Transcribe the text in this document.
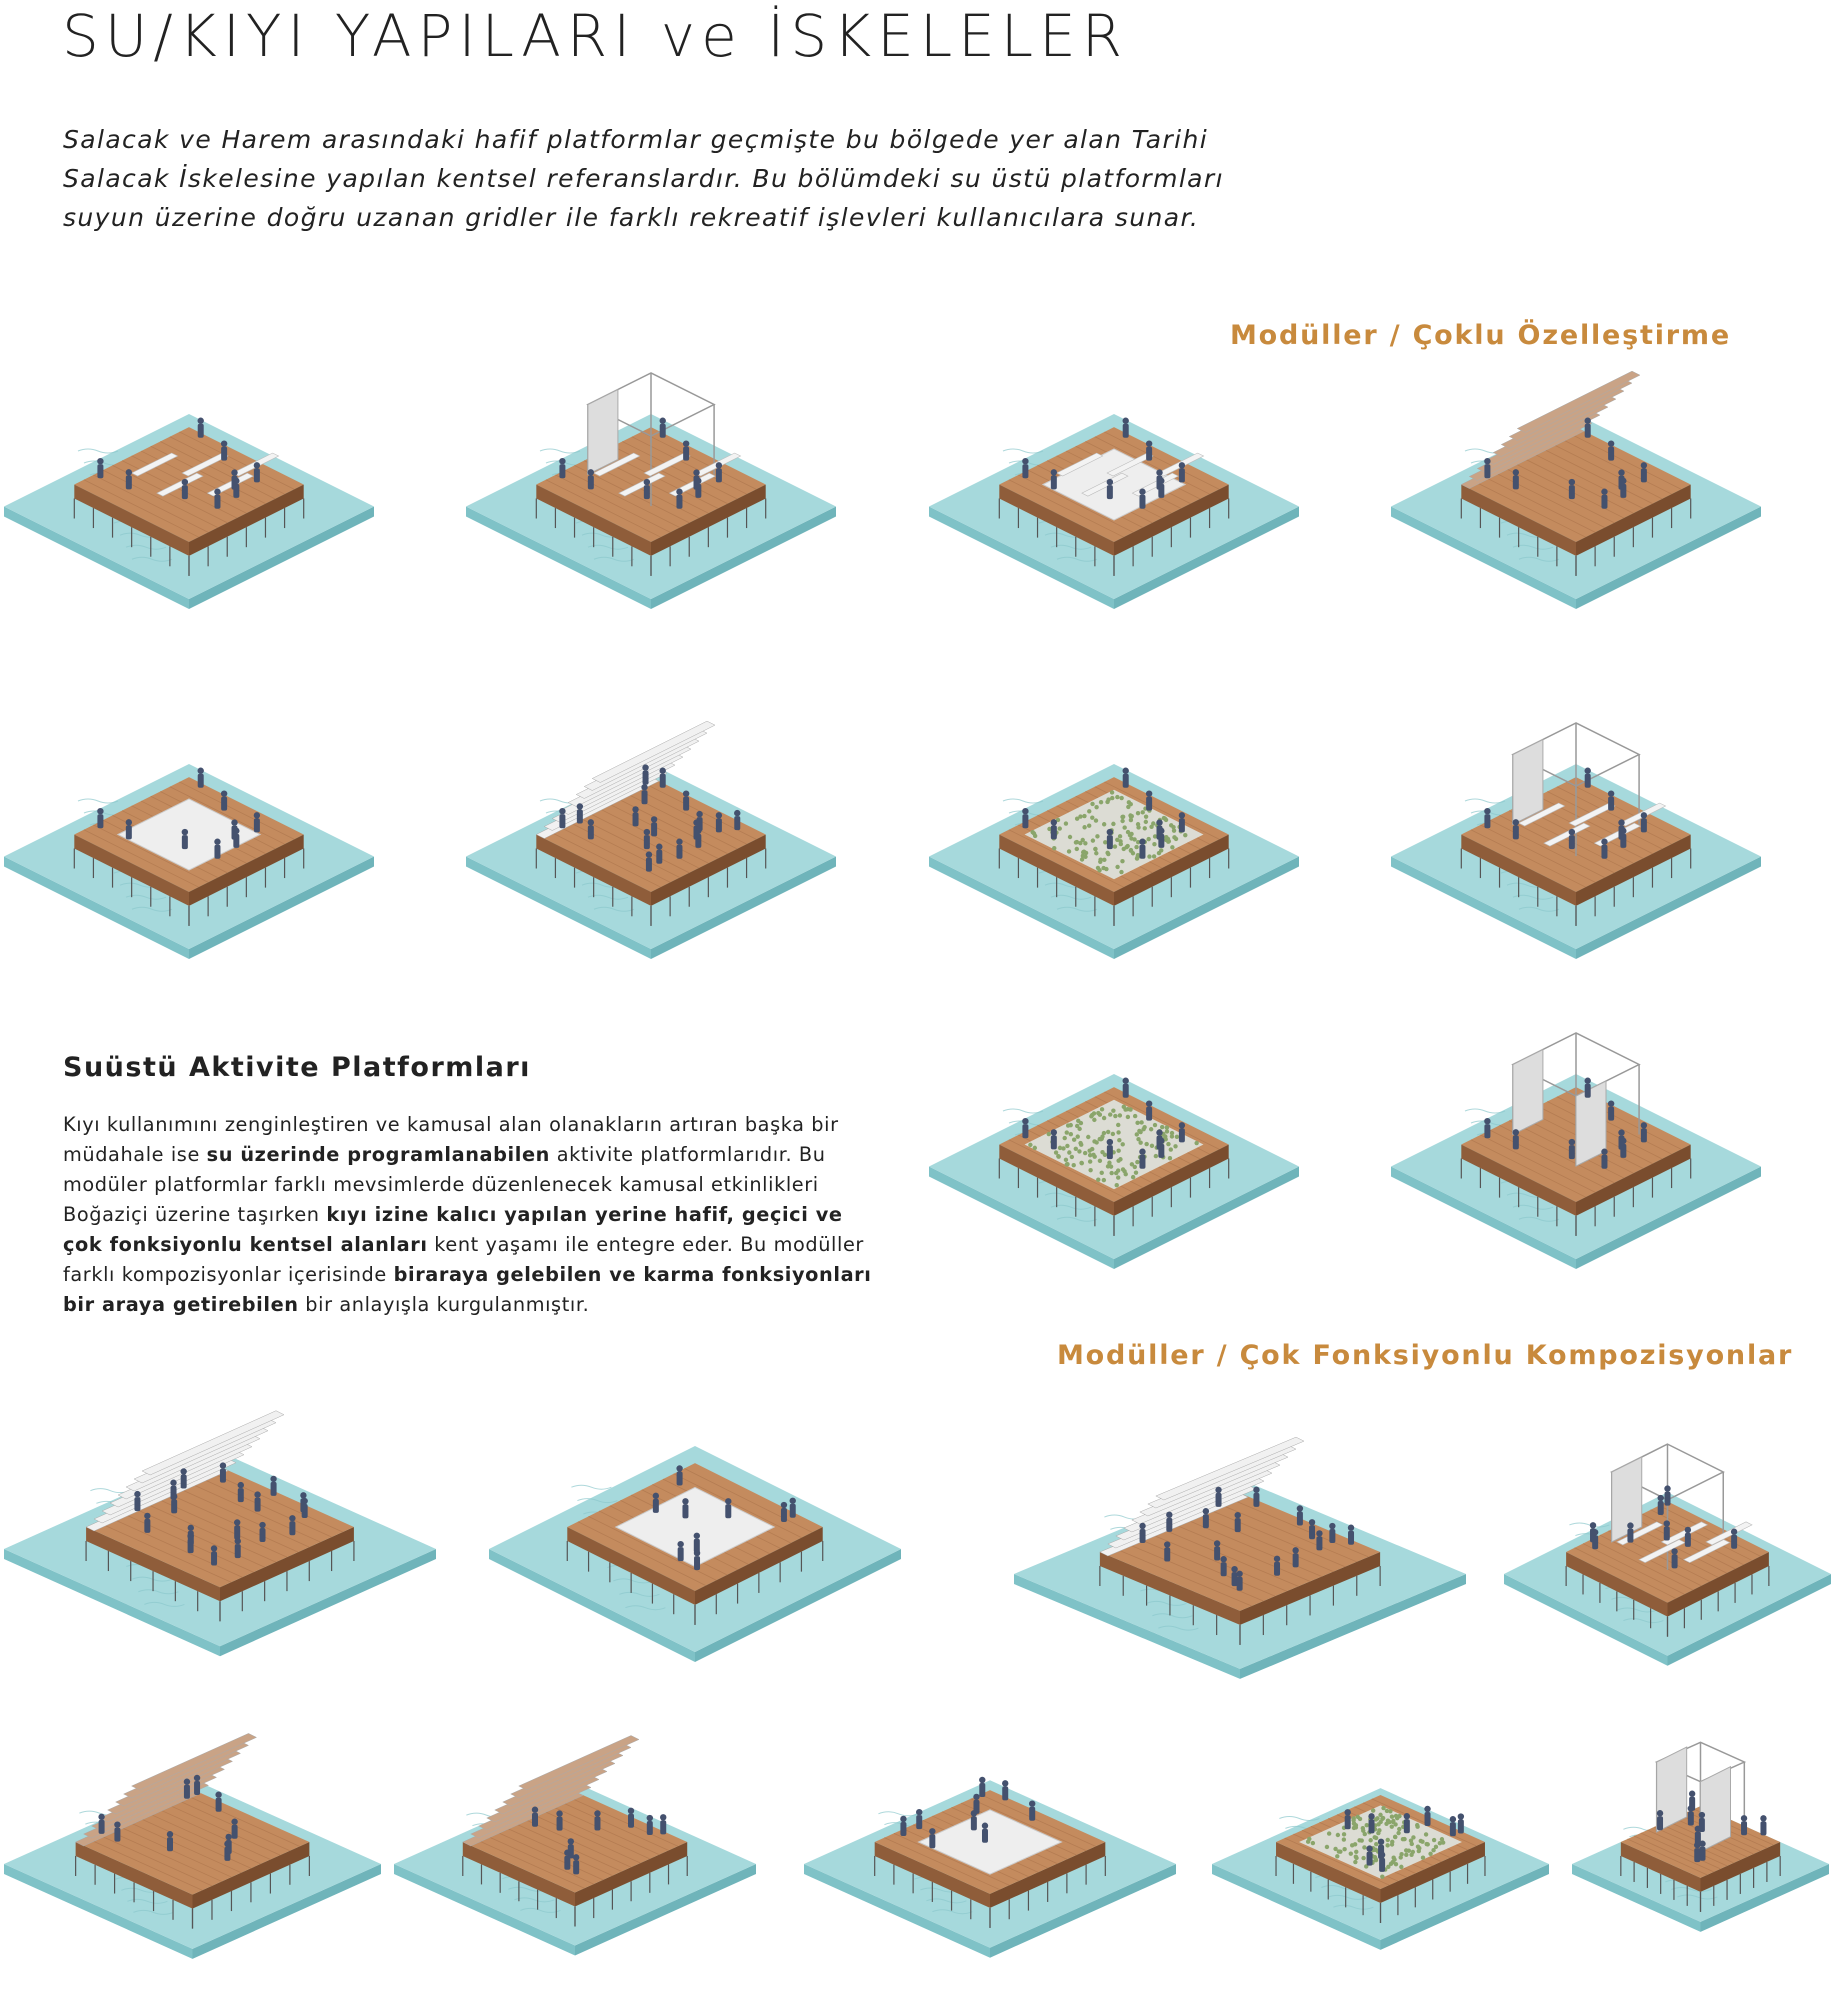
SU/KIYI YAPILARI ve İSKELELER

Salacak ve Harem arasındaki hafif platformlar geçmişte bu bölgede yer alan Tarihi

Salacak İskelesine yapılan kentsel referanslardır. Bu bölümdeki su üstü platformları

suyun üzerine doğru uzanan gridler ile farklı rekreatif işlevleri kullanıcılara sunar.

Modüller / Çoklu Özelleştirme
Suüstü Aktivite Platformları
Kıyı kullanımını zenginleştiren ve kamusal alan olanakların artıran başka bir müdahale ise su üzerinde programlanabilen aktivite platformlarıdır. Bu modüler platformlar farklı mevsimlerde düzenlenecek kamusal etkinlikleri Boğaziçi üzerine taşırken kıyı izine kalıcı yapılan yerine hafif, geçici ve çok fonksiyonlu kentsel alanları kent yaşamı ile entegre eder. Bu modüller farklı kompozisyonlar içerisinde biraraya gelebilen ve karma fonksiyonları bir araya getirebilen bir anlayışla kurgulanmıştır.
Modüller / Çok Fonksiyonlu Kompozisyonlar
